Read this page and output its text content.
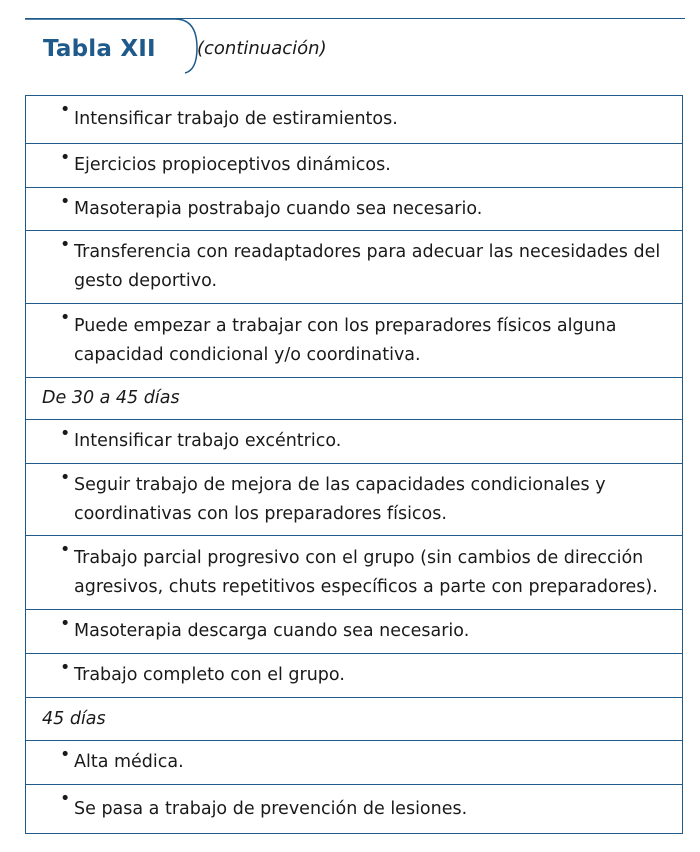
Tabla XII (continuación)
• Intensificar trabajo de estiramientos.
• Ejercicios propioceptivos dinámicos.
• Masoterapia postrabajo cuando sea necesario.
• Transferencia con readaptadores para adecuar las necesidades del gesto deportivo.
• Puede empezar a trabajar con los preparadores físicos alguna capacidad condicional y/o coordinativa.
De 30 a 45 días
• Intensificar trabajo excéntrico.
• Seguir trabajo de mejora de las capacidades condicionales y coordinativas con los preparadores físicos.
• Trabajo parcial progresivo con el grupo (sin cambios de dirección agresivos, chuts repetitivos específicos a parte con preparadores).
• Masoterapia descarga cuando sea necesario.
• Trabajo completo con el grupo.
45 días
• Alta médica.
• Se pasa a trabajo de prevención de lesiones.
